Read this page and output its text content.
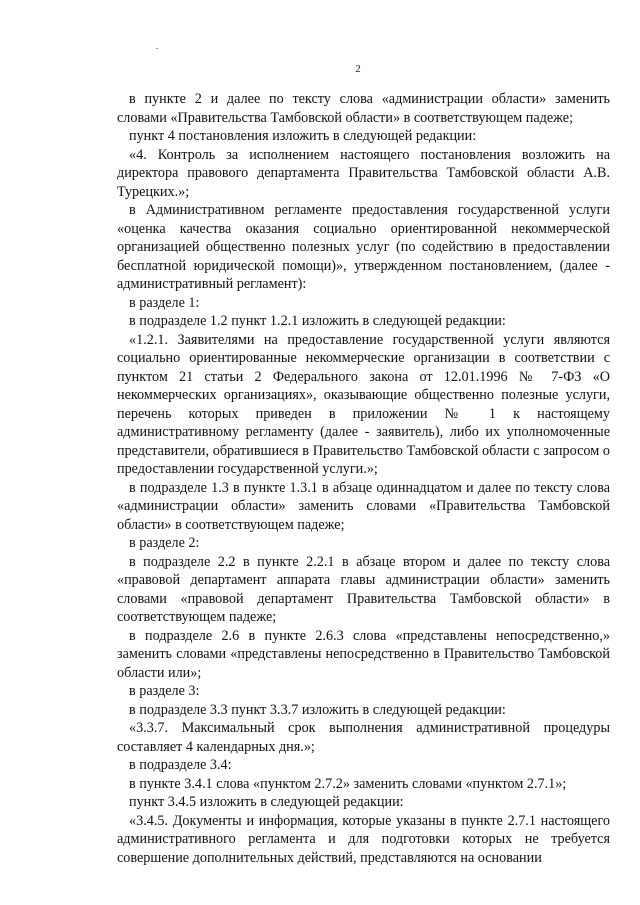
2

в пункте 2 и далее по тексту слова «администрации области» заменить словами «Правительства Тамбовской области» в соответствующем падеже;

пункт 4 постановления изложить в следующей редакции:

«4. Контроль за исполнением настоящего постановления возложить на директора правового департамента Правительства Тамбовской области А.В. Турецких.»;

в Административном регламенте предоставления государственной услуги «оценка качества оказания социально ориентированной некоммерческой организацией общественно полезных услуг (по содействию в предоставлении бесплатной юридической помощи)», утвержденном постановлением, (далее - административный регламент):

в разделе 1:

в подразделе 1.2 пункт 1.2.1 изложить в следующей редакции:

«1.2.1. Заявителями на предоставление государственной услуги являются социально ориентированные некоммерческие организации в соответствии с пунктом 21 статьи 2 Федерального закона от 12.01.1996 № 7-ФЗ «О некоммерческих организациях», оказывающие общественно полезные услуги, перечень которых приведен в приложении № 1 к настоящему административному регламенту (далее - заявитель), либо их уполномоченные представители, обратившиеся в Правительство Тамбовской области с запросом о предоставлении государственной услуги.»;

в подразделе 1.3 в пункте 1.3.1 в абзаце одиннадцатом и далее по тексту слова «администрации области» заменить словами «Правительства Тамбовской области» в соответствующем падеже;

в разделе 2:

в подразделе 2.2 в пункте 2.2.1 в абзаце втором и далее по тексту слова «правовой департамент аппарата главы администрации области» заменить словами «правовой департамент Правительства Тамбовской области» в соответствующем падеже;

в подразделе 2.6 в пункте 2.6.3 слова «представлены непосредственно,» заменить словами «представлены непосредственно в Правительство Тамбовской области или»;

в разделе 3:

в подразделе 3.3 пункт 3.3.7 изложить в следующей редакции:

«3.3.7. Максимальный срок выполнения административной процедуры составляет 4 календарных дня.»;

в подразделе 3.4:

в пункте 3.4.1 слова «пунктом 2.7.2» заменить словами «пунктом 2.7.1»;

пункт 3.4.5 изложить в следующей редакции:

«3.4.5. Документы и информация, которые указаны в пункте 2.7.1 настоящего административного регламента и для подготовки которых не требуется совершение дополнительных действий, представляются на основании
